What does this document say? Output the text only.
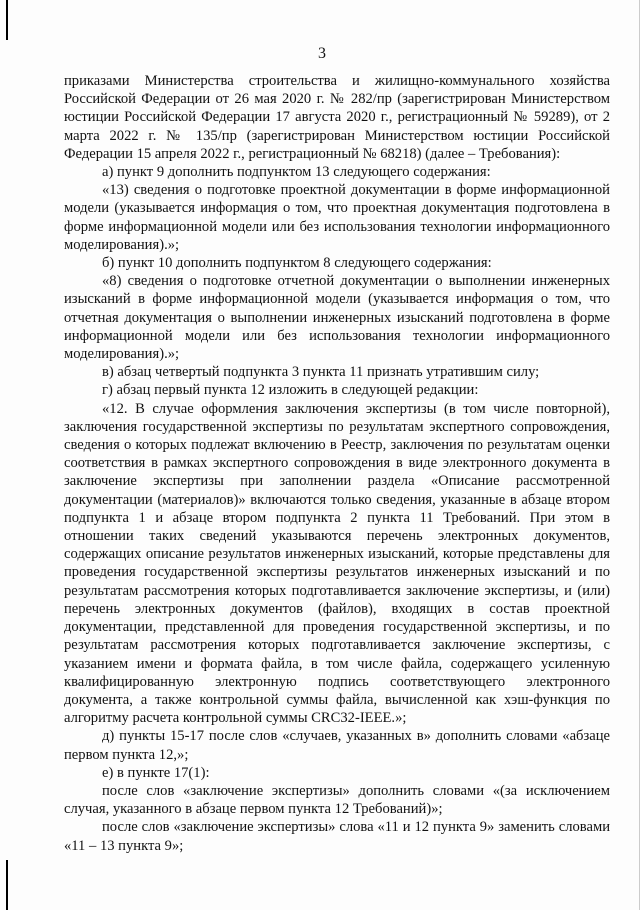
3

приказами Министерства строительства и жилищно-коммунального хозяйства Российской Федерации от 26 мая 2020 г. № 282/пр (зарегистрирован Министерством юстиции Российской Федерации 17 августа 2020 г., регистрационный № 59289), от 2 марта 2022 г. № 135/пр (зарегистрирован Министерством юстиции Российской Федерации 15 апреля 2022 г., регистрационный № 68218) (далее – Требования):

а) пункт 9 дополнить подпунктом 13 следующего содержания:

«13) сведения о подготовке проектной документации в форме информационной модели (указывается информация о том, что проектная документация подготовлена в форме информационной модели или без использования технологии информационного моделирования).»;

б) пункт 10 дополнить подпунктом 8 следующего содержания:

«8) сведения о подготовке отчетной документации о выполнении инженерных изысканий в форме информационной модели (указывается информация о том, что отчетная документация о выполнении инженерных изысканий подготовлена в форме информационной модели или без использования технологии информационного моделирования).»;

в) абзац четвертый подпункта 3 пункта 11 признать утратившим силу;

г) абзац первый пункта 12 изложить в следующей редакции:

«12. В случае оформления заключения экспертизы (в том числе повторной), заключения государственной экспертизы по результатам экспертного сопровождения, сведения о которых подлежат включению в Реестр, заключения по результатам оценки соответствия в рамках экспертного сопровождения в виде электронного документа в заключение экспертизы при заполнении раздела «Описание рассмотренной документации (материалов)» включаются только сведения, указанные в абзаце втором подпункта 1 и абзаце втором подпункта 2 пункта 11 Требований. При этом в отношении таких сведений указываются перечень электронных документов, содержащих описание результатов инженерных изысканий, которые представлены для проведения государственной экспертизы результатов инженерных изысканий и по результатам рассмотрения которых подготавливается заключение экспертизы, и (или) перечень электронных документов (файлов), входящих в состав проектной документации, представленной для проведения государственной экспертизы, и по результатам рассмотрения которых подготавливается заключение экспертизы, с указанием имени и формата файла, в том числе файла, содержащего усиленную квалифицированную электронную подпись соответствующего электронного документа, а также контрольной суммы файла, вычисленной как хэш-функция по алгоритму расчета контрольной суммы CRC32-IEEE.»;

д) пункты 15-17 после слов «случаев, указанных в» дополнить словами «абзаце первом пункта 12,»;

е) в пункте 17(1):

после слов «заключение экспертизы» дополнить словами «(за исключением случая, указанного в абзаце первом пункта 12 Требований)»;

после слов «заключение экспертизы» слова «11 и 12 пункта 9» заменить словами «11 – 13 пункта 9»;
